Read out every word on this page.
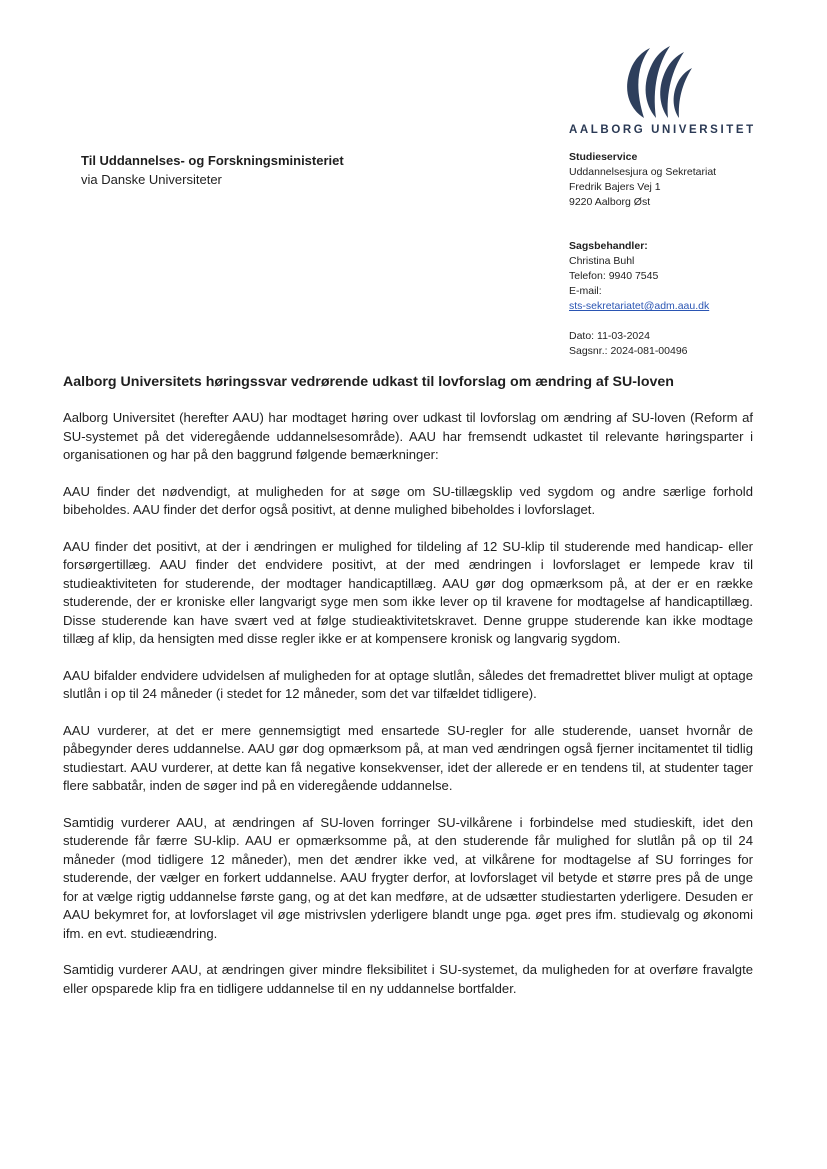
AALBORG UNIVERSITET
Til Uddannelses- og Forskningsministeriet
via Danske Universiteter
Studieservice
Uddannelsesjura og Sekretariat
Fredrik Bajers Vej 1
9220 Aalborg Øst
Sagsbehandler:
Christina Buhl
Telefon: 9940 7545
E-mail:
sts-sekretariatet@adm.aau.dk
Dato: 11-03-2024
Sagsnr.: 2024-081-00496
Aalborg Universitets høringssvar vedrørende udkast til lovforslag om ændring af SU-loven

Aalborg Universitet (herefter AAU) har modtaget høring over udkast til lovforslag om ændring af SU-loven (Reform af SU-systemet på det videregående uddannelsesområde). AAU har fremsendt udkastet til relevante høringsparter i organisationen og har på den baggrund følgende bemærkninger:

AAU finder det nødvendigt, at muligheden for at søge om SU-tillægsklip ved sygdom og andre særlige forhold bibeholdes. AAU finder det derfor også positivt, at denne mulighed bibeholdes i lovforslaget.

AAU finder det positivt, at der i ændringen er mulighed for tildeling af 12 SU-klip til studerende med handicap- eller forsørgertillæg. AAU finder det endvidere positivt, at der med ændringen i lovforslaget er lempede krav til studieaktiviteten for studerende, der modtager handicaptillæg. AAU gør dog opmærksom på, at der er en række studerende, der er kroniske eller langvarigt syge men som ikke lever op til kravene for modtagelse af handicaptillæg. Disse studerende kan have svært ved at følge studieaktivitetskravet. Denne gruppe studerende kan ikke modtage tillæg af klip, da hensigten med disse regler ikke er at kompensere kronisk og langvarig sygdom.

AAU bifalder endvidere udvidelsen af muligheden for at optage slutlån, således det fremadrettet bliver muligt at optage slutlån i op til 24 måneder (i stedet for 12 måneder, som det var tilfældet tidligere).

AAU vurderer, at det er mere gennemsigtigt med ensartede SU-regler for alle studerende, uanset hvornår de påbegynder deres uddannelse. AAU gør dog opmærksom på, at man ved ændringen også fjerner incitamentet til tidlig studiestart. AAU vurderer, at dette kan få negative konsekvenser, idet der allerede er en tendens til, at studenter tager flere sabbatår, inden de søger ind på en videregående uddannelse.

Samtidig vurderer AAU, at ændringen af SU-loven forringer SU-vilkårene i forbindelse med studieskift, idet den studerende får færre SU-klip. AAU er opmærksomme på, at den studerende får mulighed for slutlån på op til 24 måneder (mod tidligere 12 måneder), men det ændrer ikke ved, at vilkårene for modtagelse af SU forringes for studerende, der vælger en forkert uddannelse. AAU frygter derfor, at lovforslaget vil betyde et større pres på de unge for at vælge rigtig uddannelse første gang, og at det kan medføre, at de udsætter studiestarten yderligere. Desuden er AAU bekymret for, at lovforslaget vil øge mistrivslen yderligere blandt unge pga. øget pres ifm. studievalg og økonomi ifm. en evt. studieændring.

Samtidig vurderer AAU, at ændringen giver mindre fleksibilitet i SU-systemet, da muligheden for at overføre fravalgte eller opsparede klip fra en tidligere uddannelse til en ny uddannelse bortfalder.
